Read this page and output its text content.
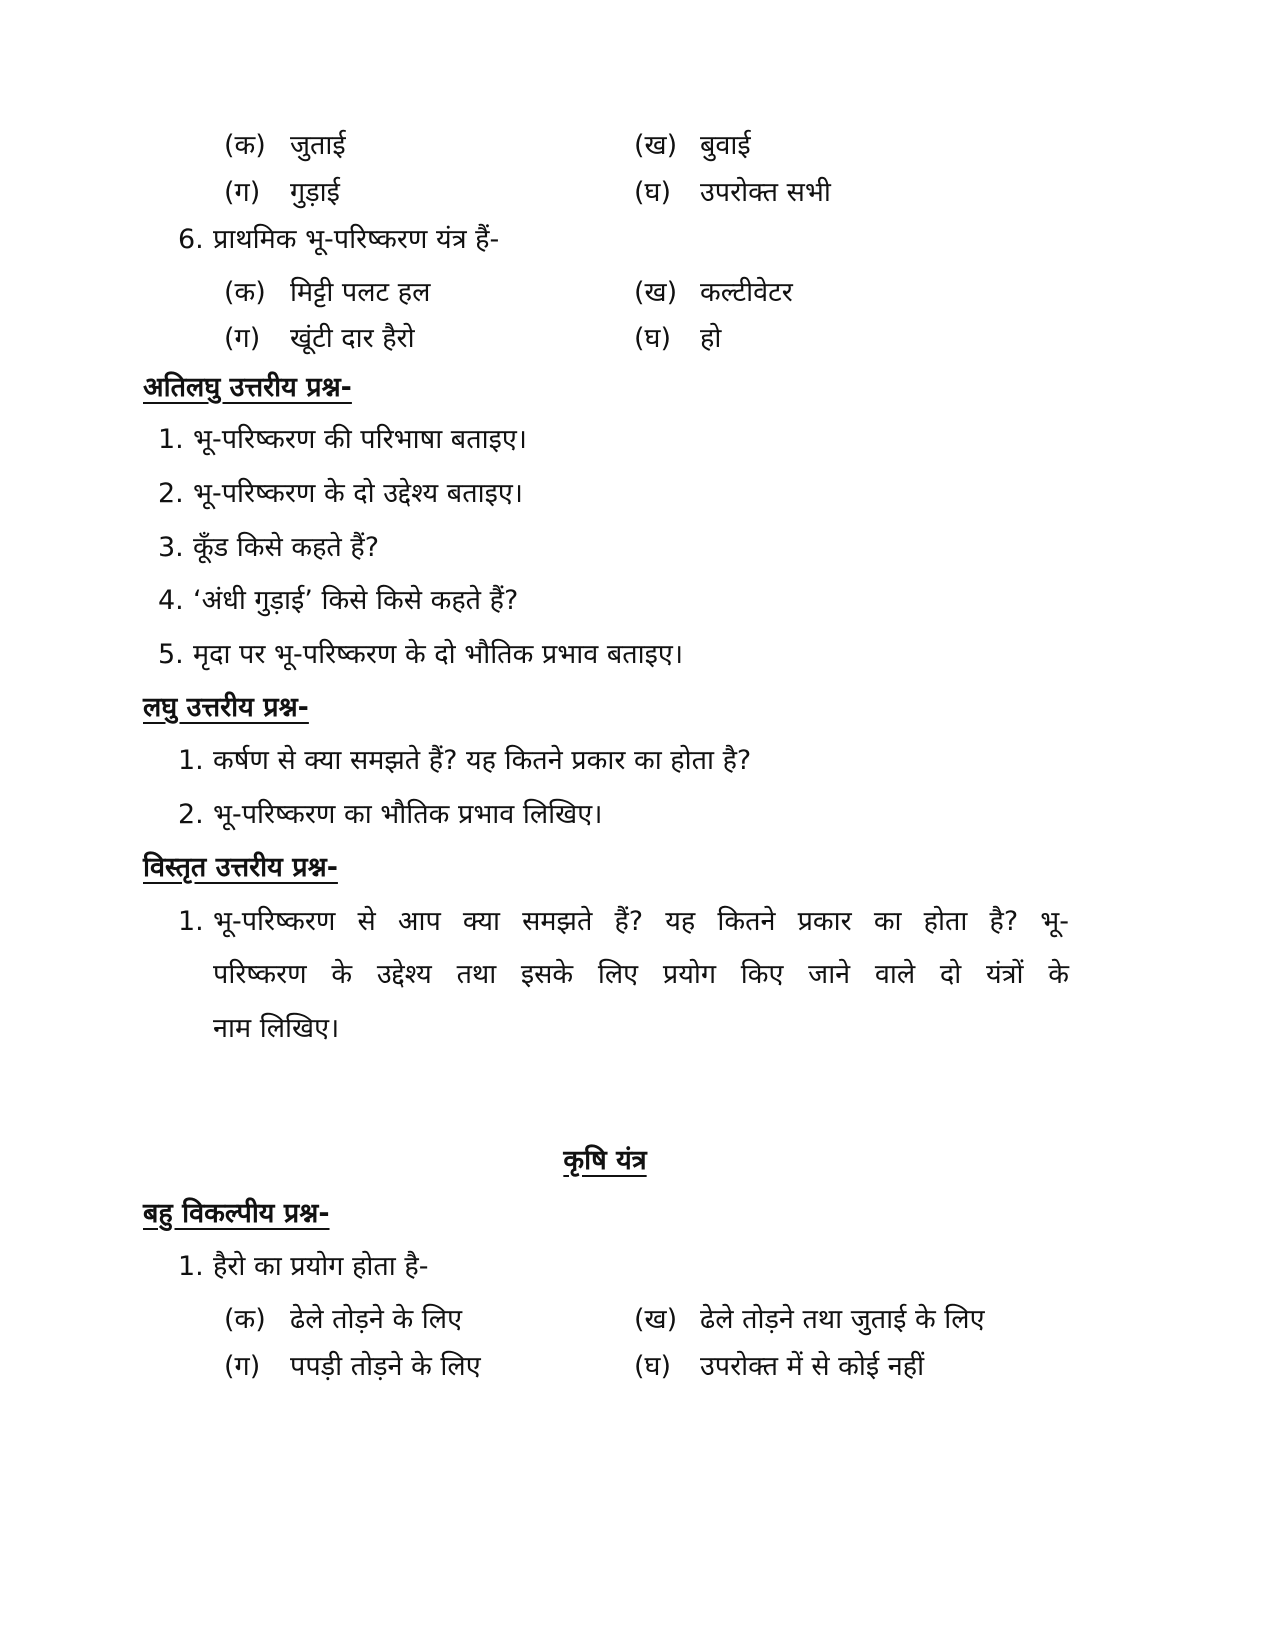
(क) जुताई	(ख) बुवाई
(ग) गुड़ाई	(घ) उपरोक्त सभी
6. प्राथमिक भू-परिष्करण यंत्र हैं-
(क) मिट्टी पलट हल	(ख) कल्टीवेटर
(ग) खूंटी दार हैरो	(घ) हो
अतिलघु उत्तरीय प्रश्न-
1. भू-परिष्करण की परिभाषा बताइए।
2. भू-परिष्करण के दो उद्देश्य बताइए।
3. कूँड किसे कहते हैं?
4. ‘अंधी गुड़ाई’ किसे किसे कहते हैं?
5. मृदा पर भू-परिष्करण के दो भौतिक प्रभाव बताइए।
लघु उत्तरीय प्रश्न-
1. कर्षण से क्या समझते हैं? यह कितने प्रकार का होता है?
2. भू-परिष्करण का भौतिक प्रभाव लिखिए।
विस्तृत उत्तरीय प्रश्न-
1. भू-परिष्करण से आप क्या समझते हैं? यह कितने प्रकार का होता है? भू-
परिष्करण के उद्देश्य तथा इसके लिए प्रयोग किए जाने वाले दो यंत्रों के
नाम लिखिए।
कृषि यंत्र
बहु विकल्पीय प्रश्न-
1. हैरो का प्रयोग होता है-
(क) ढेले तोड़ने के लिए	(ख) ढेले तोड़ने तथा जुताई के लिए
(ग) पपड़ी तोड़ने के लिए	(घ) उपरोक्त में से कोई नहीं
